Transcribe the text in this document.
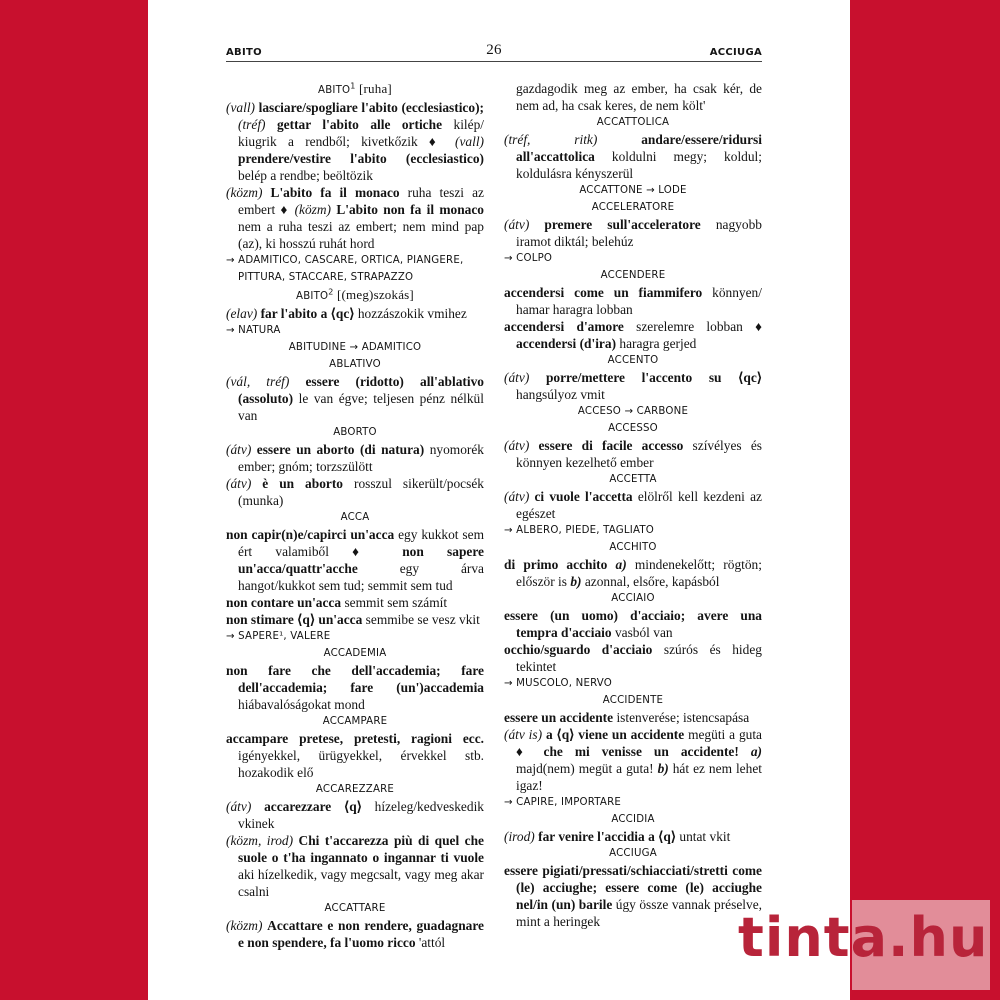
ABITO	26	ACCIUGA
ABITO$^1$ [ruha]
(vall) lasciare/spogliare l'abito (ecclesiastico); (tréf) gettar l'abito alle ortiche kilép/ kiugrik a rendből; kivetkőzik ♦ (vall) prendere/vestire l'abito (ecclesiastico) belép a rendbe; beöltözik
(közm) L'abito fa il monaco ruha teszi az embert ♦ (közm) L'abito non fa il monaco nem a ruha teszi az embert; nem mind pap (az), ki hosszú ruhát hord
→ ADAMITICO, CASCARE, ORTICA, PIANGERE, PITTURA, STACCARE, STRAPAZZO
ABITO$^2$ [(meg)szokás]
(elav) far l'abito a ⟨qc⟩ hozzászokik vmihez
→ NATURA
ABITUDINE → ADAMITICO
ABLATIVO
(vál, tréf) essere (ridotto) all'ablativo (assoluto) le van égve; teljesen pénz nélkül van
ABORTO
(átv) essere un aborto (di natura) nyomorék ember; gnóm; torzszülött
(átv) è un aborto rosszul sikerült/pocsék (munka)
ACCA
non capir(n)e/capirci un'acca egy kukkot sem ért valamiből ♦ non sapere un'acca/quattr'acche	egy árva hangot/kukkot sem tud; semmit sem tud
non contare un'acca semmit sem számít
non stimare ⟨q⟩ un'acca semmibe se vesz vkit
→ SAPERE¹, VALERE
ACCADEMIA
non fare che dell'accademia; fare dell'accademia; fare (un')accademia hiábavalóságokat mond
ACCAMPARE
accampare pretese, pretesti, ragioni ecc. igényekkel, ürügyekkel, érvekkel stb. hozakodik elő
ACCAREZZARE
(átv) accarezzare ⟨q⟩ hízeleg/kedveskedik vkinek
(közm, irod) Chi t'accarezza più di quel che suole o t'ha ingannato o ingannar ti vuole aki hízelkedik, vagy megcsalt, vagy meg akar csalni
ACCATTARE
(közm) Accattare e non rendere, guadagnare e non spendere, fa l'uomo ricco 'attól
gazdagodik meg az ember, ha csak kér, de nem ad, ha csak keres, de nem költ'
ACCATTOLICA
(tréf, ritk)	andare/essere/ridursi all'accattolica koldulni megy; koldul; koldulásra kényszerül
ACCATTONE → LODE
ACCELERATORE
(átv) premere sull'acceleratore nagyobb iramot diktál; belehúz
→ COLPO
ACCENDERE
accendersi come un fiammifero könnyen/ hamar haragra lobban
accendersi d'amore szerelemre lobban ♦ accendersi (d'ira) haragra gerjed
ACCENTO
(átv) porre/mettere l'accento su ⟨qc⟩ hangsúlyoz vmit
ACCESO → CARBONE
ACCESSO
(átv) essere di facile accesso szívélyes és könnyen kezelhető ember
ACCETTA
(átv) ci vuole l'accetta elölről kell kezdeni az egészet
→ ALBERO, PIEDE, TAGLIATO
ACCHITO
di primo acchito a) mindenekelőtt; rögtön; először is b) azonnal, elsőre, kapásból
ACCIAIO
essere (un uomo) d'acciaio; avere una tempra d'acciaio vasból van
occhio/sguardo d'acciaio szúrós és hideg tekintet
→ MUSCOLO, NERVO
ACCIDENTE
essere un accidente istenverése; istencsapása
(átv is) a ⟨q⟩ viene un accidente megüti a guta ♦ che mi venisse un accidente! a) majd(nem) megüt a guta! b) hát ez nem lehet igaz!
→ CAPIRE, IMPORTARE
ACCIDIA
(irod) far venire l'accidia a ⟨q⟩ untat vkit
ACCIUGA
essere pigiati/pressati/schiacciati/stretti come (le) acciughe; essere come (le) acciughe nel/in (un) barile úgy össze vannak préselve, mint a heringek	tinta.hu
